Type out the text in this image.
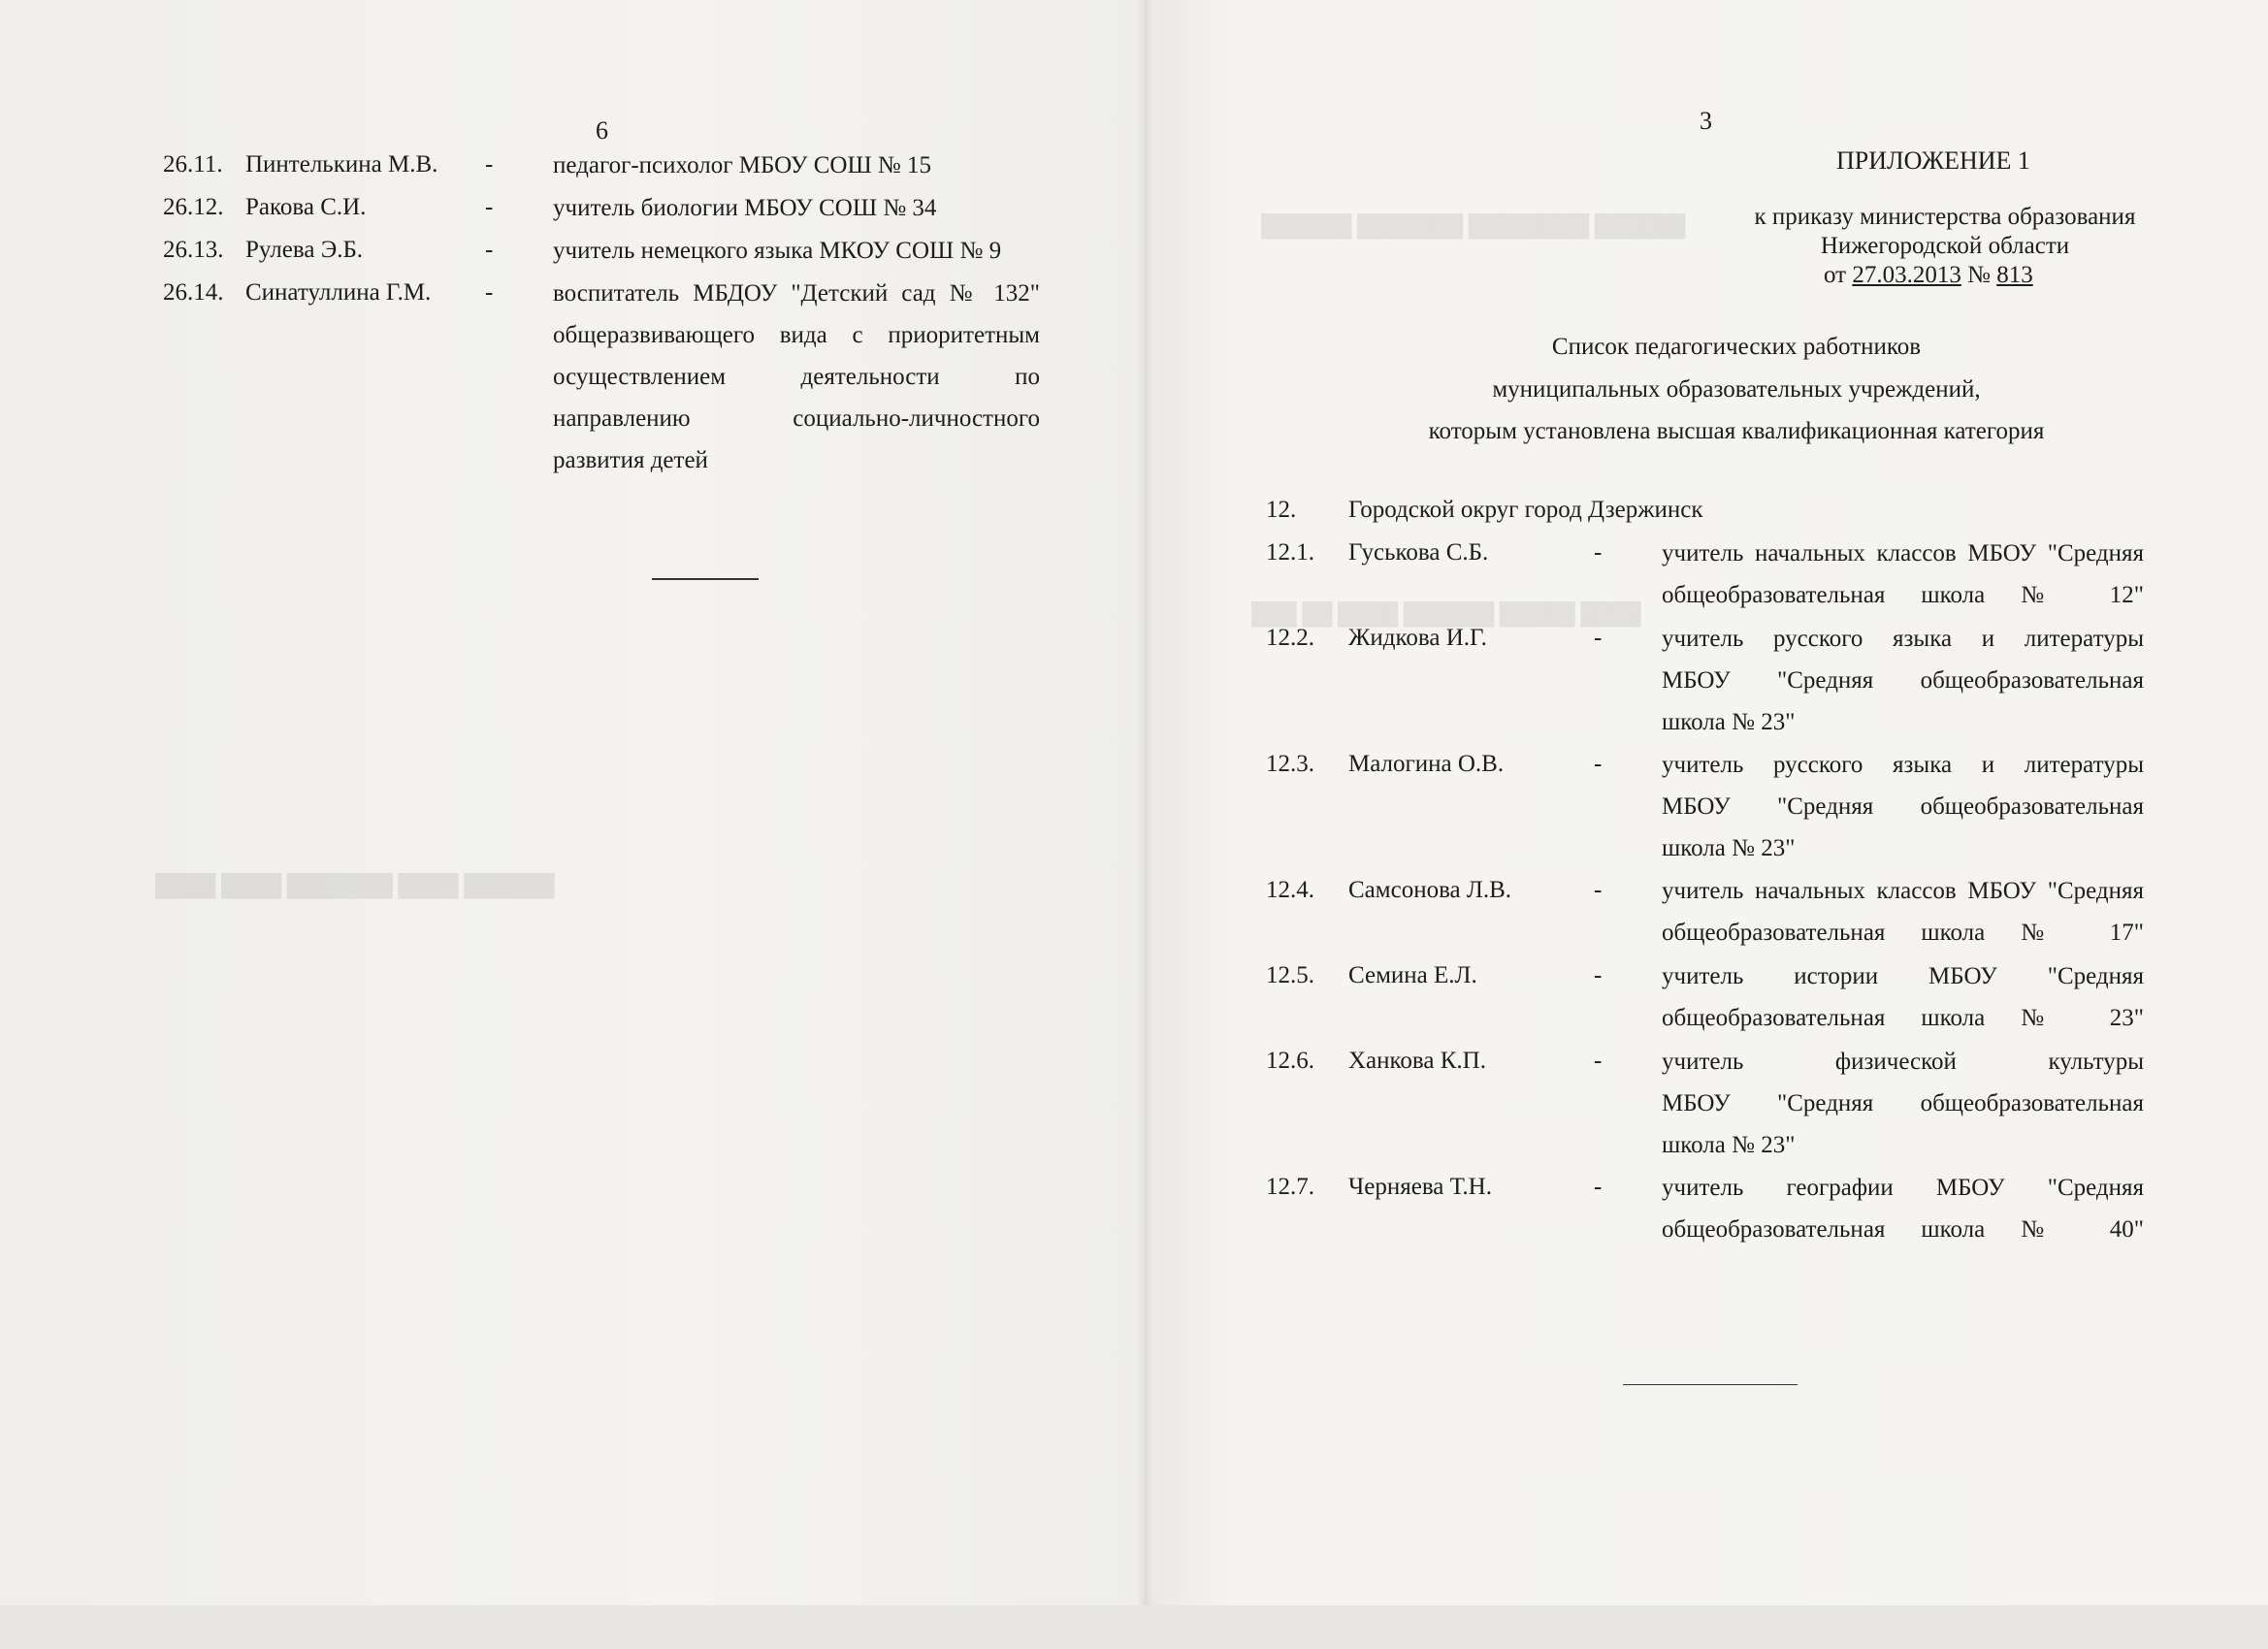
██████ ████████ ███████ ██████
████ █████ ██████ ████ ██ ███
██████ ████ ███████ ████ ████
6
26.11. Пинтелькина М.В. - педагог-психолог МБОУ СОШ № 15
26.12. Ракова С.И.	- учитель биологии МБОУ СОШ № 34
26.13. Рулева Э.Б.	- учитель немецкого языка МКОУ СОШ № 9
26.14. Синатуллина Г.М. - воспитатель МБДОУ "Детский сад № 132"
общеразвивающего вида с приоритетным
осуществлением деятельности по
направлению социально-личностного
развития детей
3
ПРИЛОЖЕНИЕ 1
к приказу министерства образования
Нижегородской области
от 27.03.2013 № 813
Список педагогических работников
муниципальных образовательных учреждений,
которым установлена высшая квалификационная категория
12. Городской округ город Дзержинск
12.1. Гуськова С.Б.	- учитель начальных классов МБОУ "Средняя
общеобразовательная школа № 12"
12.2. Жидкова И.Г.	- учитель русского языка и литературы
МБОУ "Средняя общеобразовательная
школа № 23"
12.3. Малогина О.В.	- учитель русского языка и литературы
МБОУ "Средняя общеобразовательная
школа № 23"
12.4. Самсонова Л.В.	- учитель начальных классов МБОУ "Средняя
общеобразовательная школа № 17"
12.5. Семина Е.Л.	- учитель истории МБОУ "Средняя
общеобразовательная школа № 23"
12.6. Ханкова К.П.	- учитель физической культуры
МБОУ "Средняя общеобразовательная
школа № 23"
12.7. Черняева Т.Н.	- учитель географии МБОУ "Средняя
общеобразовательная школа № 40"
